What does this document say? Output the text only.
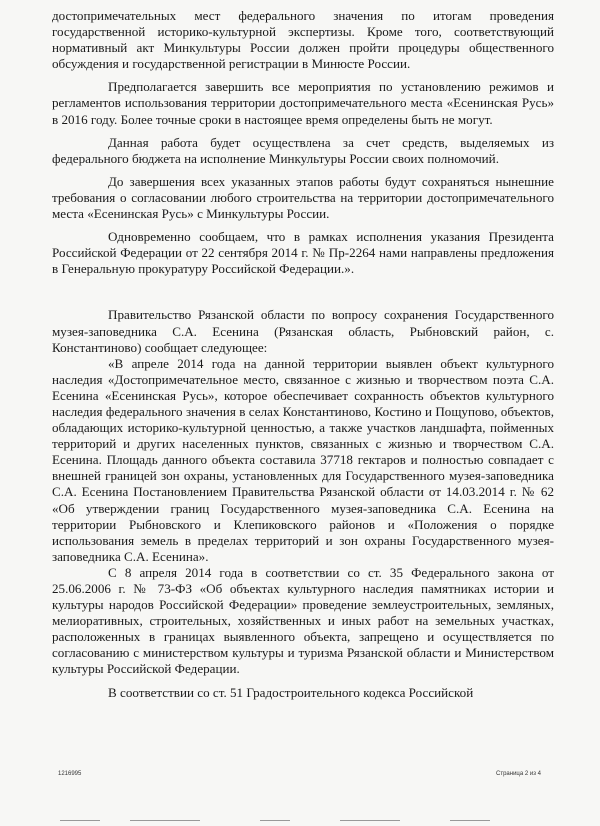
достопримечательных мест федерального значения по итогам проведения государственной историко-культурной экспертизы. Кроме того, соответствующий нормативный акт Минкультуры России должен пройти процедуры общественного обсуждения и государственной регистрации в Минюсте России.

Предполагается завершить все мероприятия по установлению режимов и регламентов использования территории достопримечательного места «Есенинская Русь» в 2016 году. Более точные сроки в настоящее время определены быть не могут.

Данная работа будет осуществлена за счет средств, выделяемых из федерального бюджета на исполнение Минкультуры России своих полномочий.

До завершения всех указанных этапов работы будут сохраняться нынешние требования о согласовании любого строительства на территории достопримечательного места «Есенинская Русь» с Минкультуры России.

Одновременно сообщаем, что в рамках исполнения указания Президента Российской Федерации от 22 сентября 2014 г. № Пр-2264 нами направлены предложения в Генеральную прокуратуру Российской Федерации.».

Правительство Рязанской области по вопросу сохранения Государственного музея-заповедника С.А. Есенина (Рязанская область, Рыбновский район, с. Константиново) сообщает следующее:

«В апреле 2014 года на данной территории выявлен объект культурного наследия «Достопримечательное место, связанное с жизнью и творчеством поэта С.А. Есенина «Есенинская Русь», которое обеспечивает сохранность объектов культурного наследия федерального значения в селах Константиново, Костино и Пощупово, объектов, обладающих историко-культурной ценностью, а также участков ландшафта, пойменных территорий и других населенных пунктов, связанных с жизнью и творчеством С.А. Есенина. Площадь данного объекта составила 37718 гектаров и полностью совпадает с внешней границей зон охраны, установленных для Государственного музея-заповедника С.А. Есенина Постановлением Правительства Рязанской области от 14.03.2014 г. № 62 «Об утверждении границ Государственного музея-заповедника С.А. Есенина на территории Рыбновского и Клепиковского районов и «Положения о порядке использования земель в пределах территорий и зон охраны Государственного музея-заповедника С.А. Есенина».

С 8 апреля 2014 года в соответствии со ст. 35 Федерального закона от 25.06.2006 г. № 73-ФЗ «Об объектах культурного наследия памятниках истории и культуры народов Российской Федерации» проведение землеустроительных, земляных, мелиоративных, строительных, хозяйственных и иных работ на земельных участках, расположенных в границах выявленного объекта, запрещено и осуществляется по согласованию с министерством культуры и туризма Рязанской области и Министерством культуры Российской Федерации.

В соответствии со ст. 51 Градостроительного кодекса Российской

1216995	Страница 2 из 4
